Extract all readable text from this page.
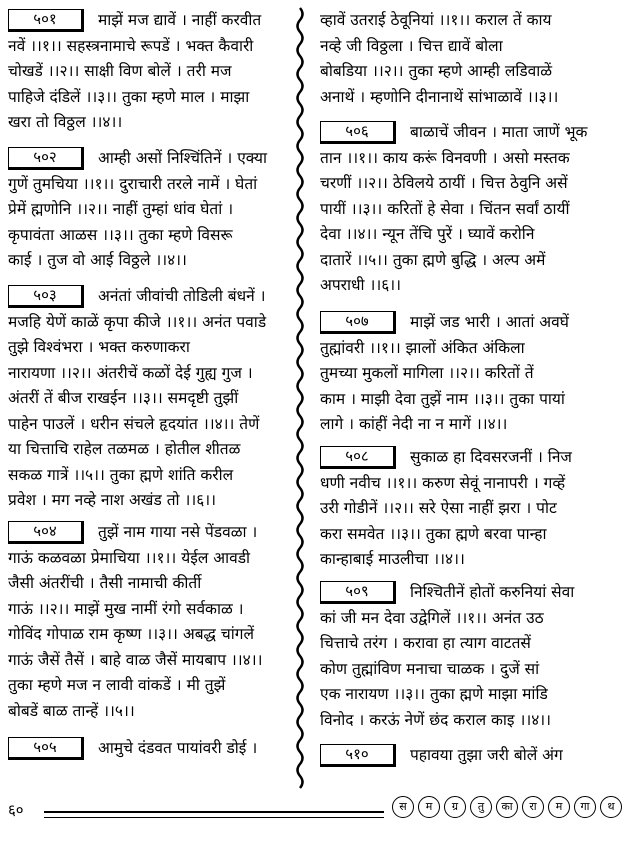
५०१	माझें मज द्यावें । नाहीं करवीत
नवें ।।१।। सहस्त्रनामाचे रूपडें । भक्त कैवारी
चोखडें ।।२।। साक्षी विण बोलें । तरी मज
पाहिजे दंडिलें ।।३।। तुका म्हणे माल । माझा
खरा तो विठ्ठल ।।४।।
५०२	आम्ही असों निश्चिंतिनें । एक्या
गुणें तुमचिया ।।१।। दुराचारी तरले नामें । घेतां
प्रेमें ह्मणोनि ।।२।। नाहीं तुम्हां धांव घेतां ।
कृपावंता आळस ।।३।। तुका म्हणे विसरू
काई । तुज वो आई विठ्ठले ।।४।।
५०३	अनंतां जीवांची तोडिली बंधनें ।
मजहि येणें काळें कृपा कीजे ।।१।। अनंत पवाडे
तुझे विश्वंभरा । भक्त करुणाकरा
नारायणा ।।२।। अंतरीचें कळों देई गुह्य गुज ।
अंतरीं तें बीज राखईन ।।३।। समदृष्टी तुझीं
पाहेन पाउलें । धरीन संचले हृदयांत ।।४।। तेणें
या चित्ताचि राहेल तळमळ । होतील शीतळ
सकळ गात्रें ।।५।। तुका ह्मणे शांति करील
प्रवेश । मग नव्हे नाश अखंड तो ।।६।।
५०४	तुझें नाम गाया नसे पेंडवळा ।
गाऊं कळवळा प्रेमाचिया ।।१।। येईल आवडी
जैसी अंतरींची । तैसी नामाची कीर्ती
गाऊं ।।२।। माझें मुख नामीं रंगो सर्वकाळ ।
गोविंद गोपाळ राम कृष्ण ।।३।। अबद्ध चांगलें
गाऊं जैसें तैसें । बाहे वाळ जैसें मायबाप ।।४।।
तुका म्हणे मज न लावी वांकडें । मी तुझें
बोबडें बाळ तान्हें ।।५।।
५०५	आमुचे दंडवत पायांवरी डोई ।
व्हावें उतराई ठेवूनियां ।।१।। कराल तें काय
नव्हे जी विठ्ठला । चित्त द्यावें बोला
बोबडिया ।।२।। तुका म्हणे आम्ही लडिवाळें
अनाथें । म्हणोनि दीनानाथें सांभाळावें ।।३।।
५०६	बाळाचें जीवन । माता जाणें भूक
तान ।।१।। काय करूं विनवणी । असो मस्तक
चरणीं ।।२।। ठेविलये ठायीं । चित्त ठेवुनि असें
पायीं ।।३।। करितों हे सेवा । चिंतन सर्वां ठायीं
देवा ।।४।। न्यून तेंचि पुरें । घ्यावें करोनि
दातारें ।।५।। तुका ह्मणे बुद्धि । अल्प अमें
अपराधी ।।६।।
५०७	माझें जड भारी । आतां अवघें
तुह्मांवरी ।।१।। झालों अंकित अंकिला
तुमच्या मुकलों मागिला ।।२।। करितों तें
काम । माझी देवा तुझें नाम ।।३।। तुका पायां
लागे । कांहीं नेदी ना न मागें ।।४।।
५०८	सुकाळ हा दिवसरजनीं । निज
धणी नवीच ।।१।। करुण सेवूं नानापरी । गव्हें
उरी गोडीनें ।।२।। सरे ऐसा नाहीं झरा । पोट
करा समवेत ।।३।। तुका ह्मणे बरवा पान्हा
कान्हाबाई माउलीचा ।।४।।
५०९	निश्चितीनें होतों करुनियां सेवा
कां जी मन देवा उद्वेगिलें ।।१।। अनंत उठ
चित्ताचे तरंग । करावा हा त्याग वाटतसें
कोण तुह्मांविण मनाचा चाळक । दुजें सां
एक नारायण ।।३।। तुका ह्मणे माझा मांडि
विनोद । करऊं नेणें छंद कराल काइ ।।४।।
५१०	पहावया तुझा जरी बोलें अंग
६०	स	म	ग्र	तु	का	रा	म	गा	थ
